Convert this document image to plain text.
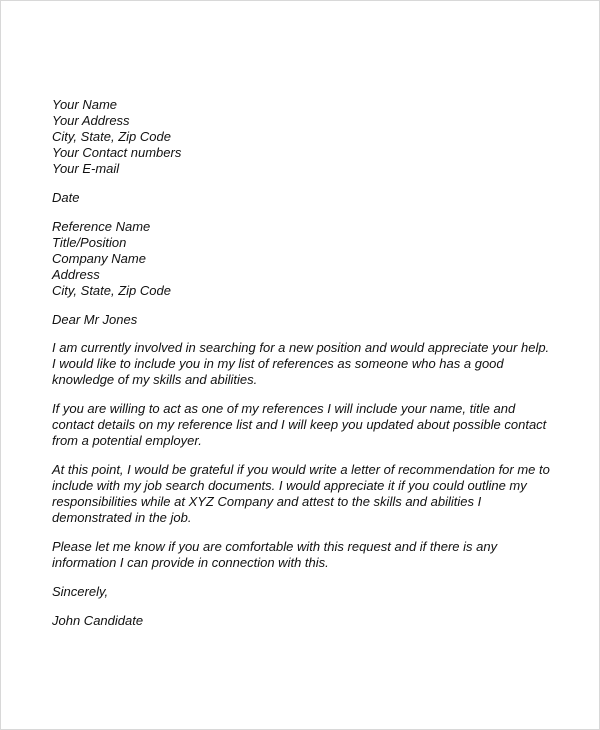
Your Name
Your Address
City, State, Zip Code
Your Contact numbers
Your E-mail
Date
Reference Name
Title/Position
Company Name
Address
City, State, Zip Code
Dear Mr Jones
I am currently involved in searching for a new position and would appreciate your help.
I would like to include you in my list of references as someone who has a good
knowledge of my skills and abilities.
If you are willing to act as one of my references I will include your name, title and
contact details on my reference list and I will keep you updated about possible contact
from a potential employer.
At this point, I would be grateful if you would write a letter of recommendation for me to
include with my job search documents. I would appreciate it if you could outline my
responsibilities while at XYZ Company and attest to the skills and abilities I
demonstrated in the job.
Please let me know if you are comfortable with this request and if there is any
information I can provide in connection with this.
Sincerely,
John Candidate
